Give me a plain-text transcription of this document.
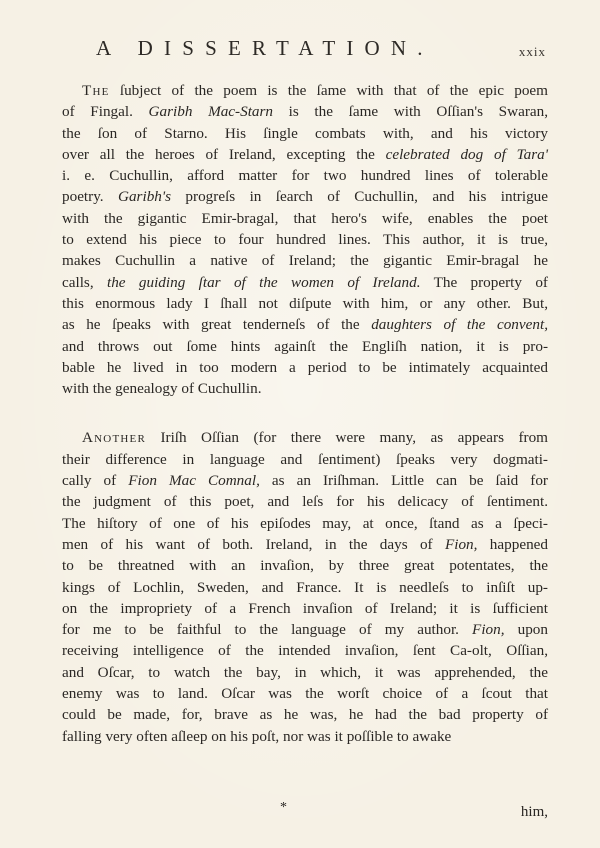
A DISSERTATION.	xxix

The ſubject of the poem is the ſame with that of the epic poem
of Fingal. Garibh Mac-Starn is the ſame with Oſſian's Swaran,
the ſon of Starno. His ſingle combats with, and his victory
over all the heroes of Ireland, excepting the celebrated dog of Tara'
i. e. Cuchullin, afford matter for two hundred lines of tolerable
poetry. Garibh's progreſs in ſearch of Cuchullin, and his intrigue
with the gigantic Emir-bragal, that hero's wife, enables the poet
to extend his piece to four hundred lines. This author, it is true,
makes Cuchullin a native of Ireland; the gigantic Emir-bragal he
calls, the guiding ſtar of the women of Ireland. The property of
this enormous lady I ſhall not diſpute with him, or any other. But,
as he ſpeaks with great tenderneſs of the daughters of the convent,
and throws out ſome hints againſt the Engliſh nation, it is pro-
bable he lived in too modern a period to be intimately acquainted
with the genealogy of Cuchullin.

Another Iriſh Oſſian (for there were many, as appears from
their difference in language and ſentiment) ſpeaks very dogmati-
cally of Fion Mac Comnal, as an Iriſhman. Little can be ſaid for
the judgment of this poet, and leſs for his delicacy of ſentiment.
The hiſtory of one of his epiſodes may, at once, ſtand as a ſpeci-
men of his want of both. Ireland, in the days of Fion, happened
to be threatned with an invaſion, by three great potentates, the
kings of Lochlin, Sweden, and France. It is needleſs to inſiſt up-
on the impropriety of a French invaſion of Ireland; it is ſufficient
for me to be faithful to the language of my author. Fion, upon
receiving intelligence of the intended invaſion, ſent Ca-olt, Oſſian,
and Oſcar, to watch the bay, in which, it was apprehended, the
enemy was to land. Oſcar was the worſt choice of a ſcout that
could be made, for, brave as he was, he had the bad property of
falling very often aſleep on his poſt, nor was it poſſible to awake

*	him,
